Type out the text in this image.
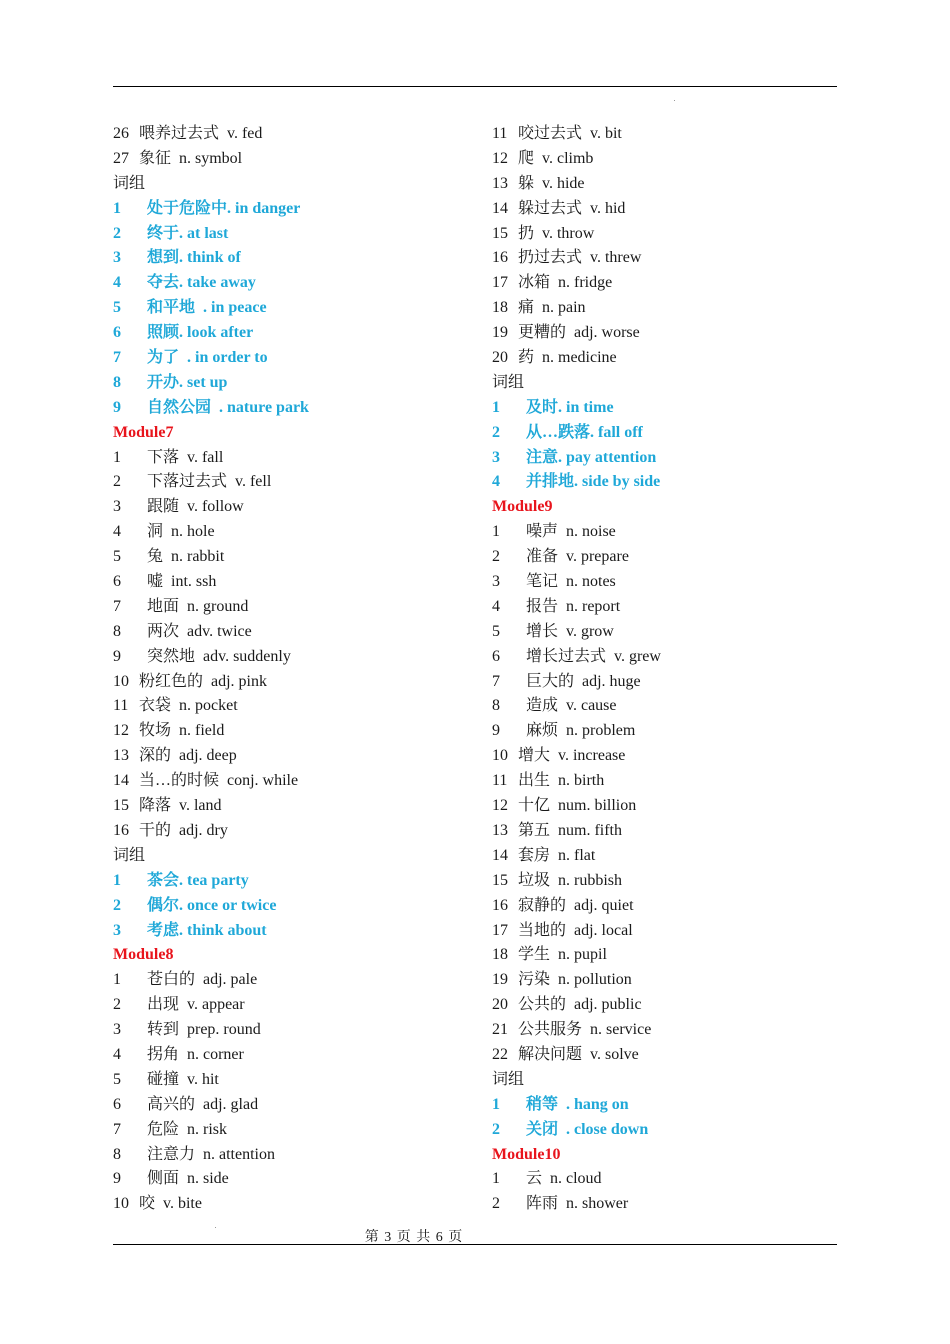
26 喂养过去式  v. fed
27 象征  n. symbol
词组
1 处于危险中. in danger
2 终于. at last
3 想到. think of
4 夺去. take away
5 和平地  . in peace
6 照顾. look after
7 为了  . in order to
8 开办. set up
9 自然公园  . nature park
Module7
1 下落  v. fall
2 下落过去式  v. fell
3 跟随  v. follow
4 洞  n. hole
5 兔  n. rabbit
6 嘘  int. ssh
7 地面  n. ground
8 两次  adv. twice
9 突然地  adv. suddenly
10 粉红色的  adj. pink
11 衣袋  n. pocket
12 牧场  n. field
13 深的  adj. deep
14 当…的时候  conj. while
15 降落  v. land
16 干的  adj. dry
词组
1 茶会. tea party
2 偶尔. once or twice
3 考虑. think about
Module8
1 苍白的  adj. pale
2 出现  v. appear
3 转到  prep. round
4 拐角  n. corner
5 碰撞  v. hit
6 高兴的  adj. glad
7 危险  n. risk
8 注意力  n. attention
9 侧面  n. side
10 咬  v. bite
11 咬过去式  v. bit
12 爬  v. climb
13 躲  v. hide
14 躲过去式  v. hid
15 扔  v. throw
16 扔过去式  v. threw
17 冰箱  n. fridge
18 痛  n. pain
19 更糟的  adj. worse
20 药  n. medicine
词组
1 及时. in time
2 从…跌落. fall off
3 注意. pay attention
4 并排地. side by side
Module9
1 噪声  n. noise
2 准备  v. prepare
3 笔记  n. notes
4 报告  n. report
5 增长  v. grow
6 增长过去式  v. grew
7 巨大的  adj. huge
8 造成  v. cause
9 麻烦  n. problem
10 增大  v. increase
11 出生  n. birth
12 十亿  num. billion
13 第五  num. fifth
14 套房  n. flat
15 垃圾  n. rubbish
16 寂静的  adj. quiet
17 当地的  adj. local
18 学生  n. pupil
19 污染  n. pollution
20 公共的  adj. public
21 公共服务  n. service
22 解决问题  v. solve
词组
1 稍等  . hang on
2 关闭  . close down
Module10
1 云  n. cloud
2 阵雨  n. shower
第 3 页 共 6 页
